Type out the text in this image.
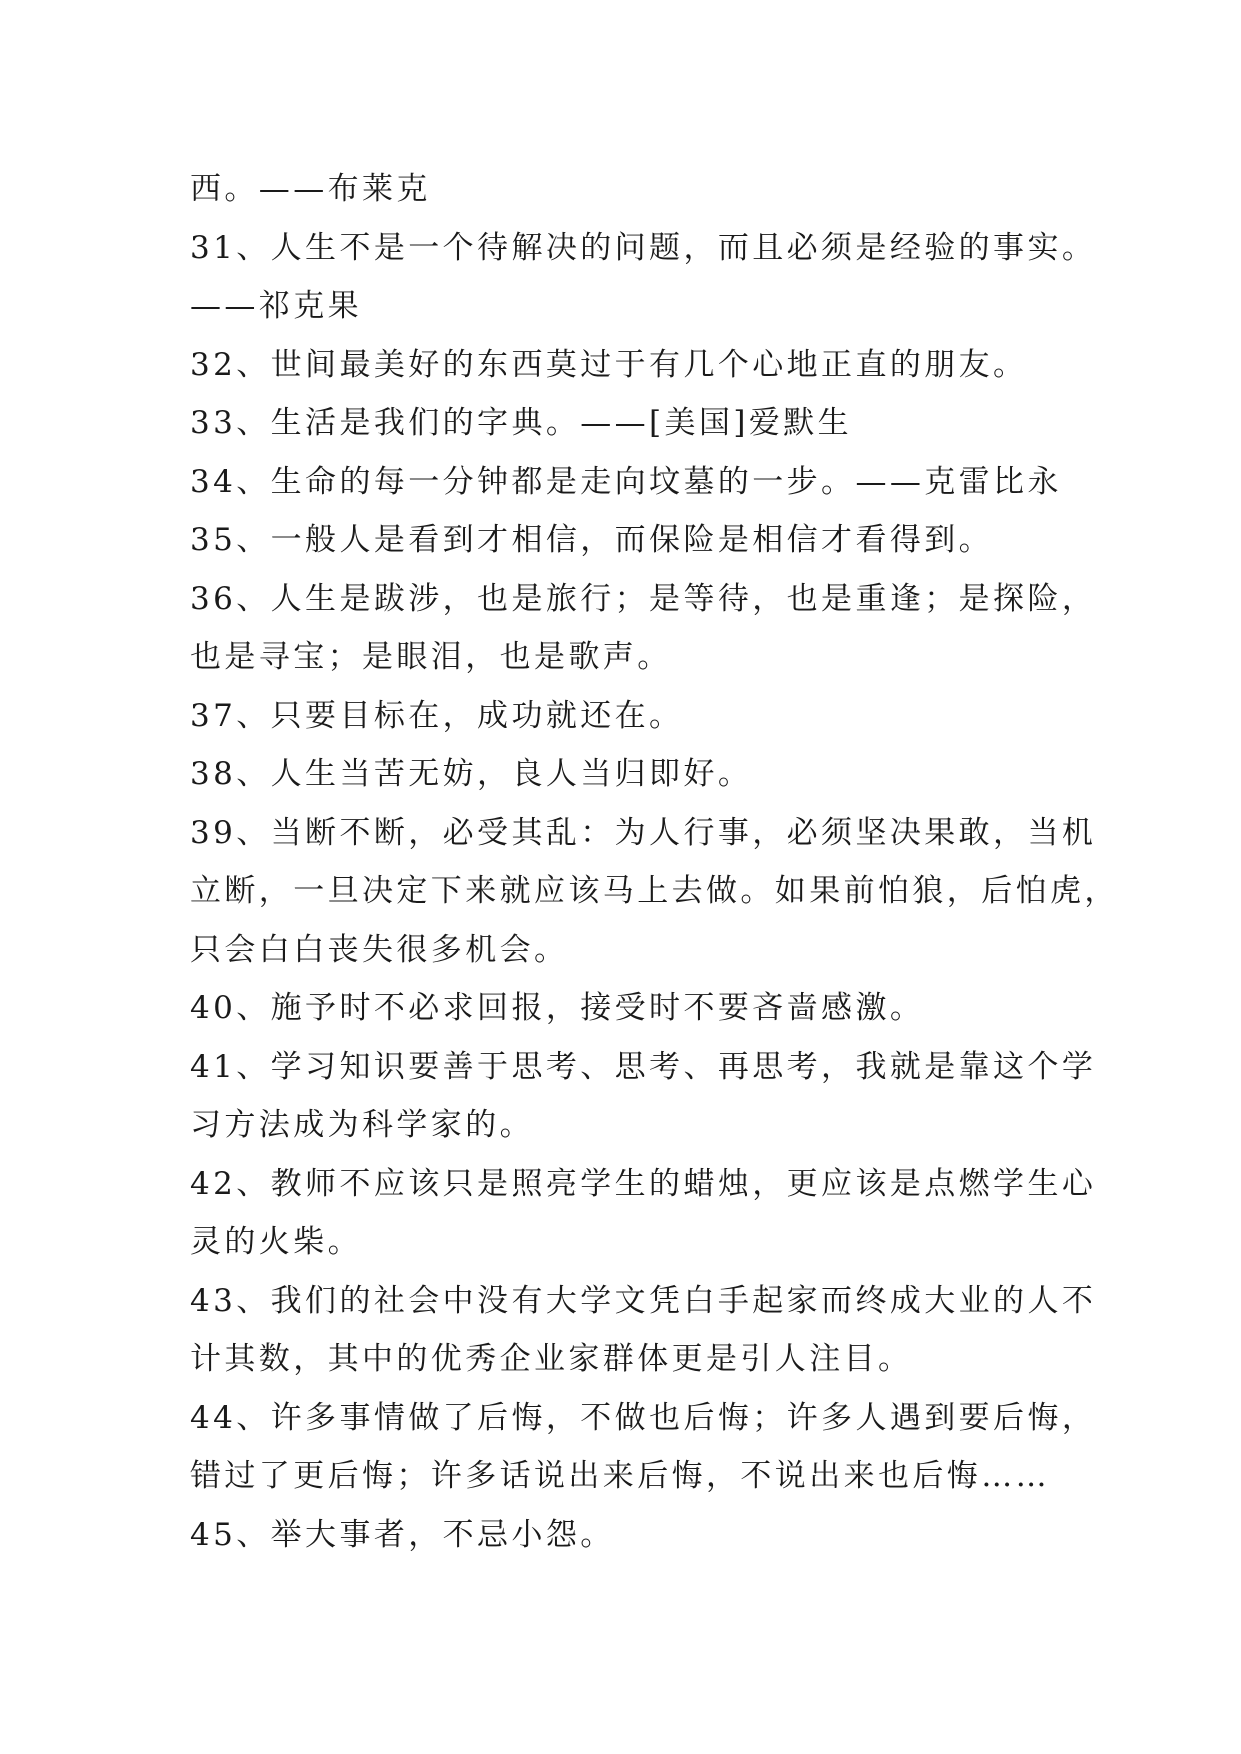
西。——布莱克
31、人生不是一个待解决的问题，而且必须是经验的事实。
——祁克果
32、世间最美好的东西莫过于有几个心地正直的朋友。
33、生活是我们的字典。——[美国]爱默生
34、生命的每一分钟都是走向坟墓的一步。——克雷比永
35、一般人是看到才相信，而保险是相信才看得到。
36、人生是跋涉，也是旅行；是等待，也是重逢；是探险，
也是寻宝；是眼泪，也是歌声。
37、只要目标在，成功就还在。
38、人生当苦无妨，良人当归即好。
39、当断不断，必受其乱：为人行事，必须坚决果敢，当机
立断，一旦决定下来就应该马上去做。如果前怕狼，后怕虎，
只会白白丧失很多机会。
40、施予时不必求回报，接受时不要吝啬感激。
41、学习知识要善于思考、思考、再思考，我就是靠这个学
习方法成为科学家的。
42、教师不应该只是照亮学生的蜡烛，更应该是点燃学生心
灵的火柴。
43、我们的社会中没有大学文凭白手起家而终成大业的人不
计其数，其中的优秀企业家群体更是引人注目。
44、许多事情做了后悔，不做也后悔；许多人遇到要后悔，
错过了更后悔；许多话说出来后悔，不说出来也后悔……
45、举大事者，不忌小怨。
